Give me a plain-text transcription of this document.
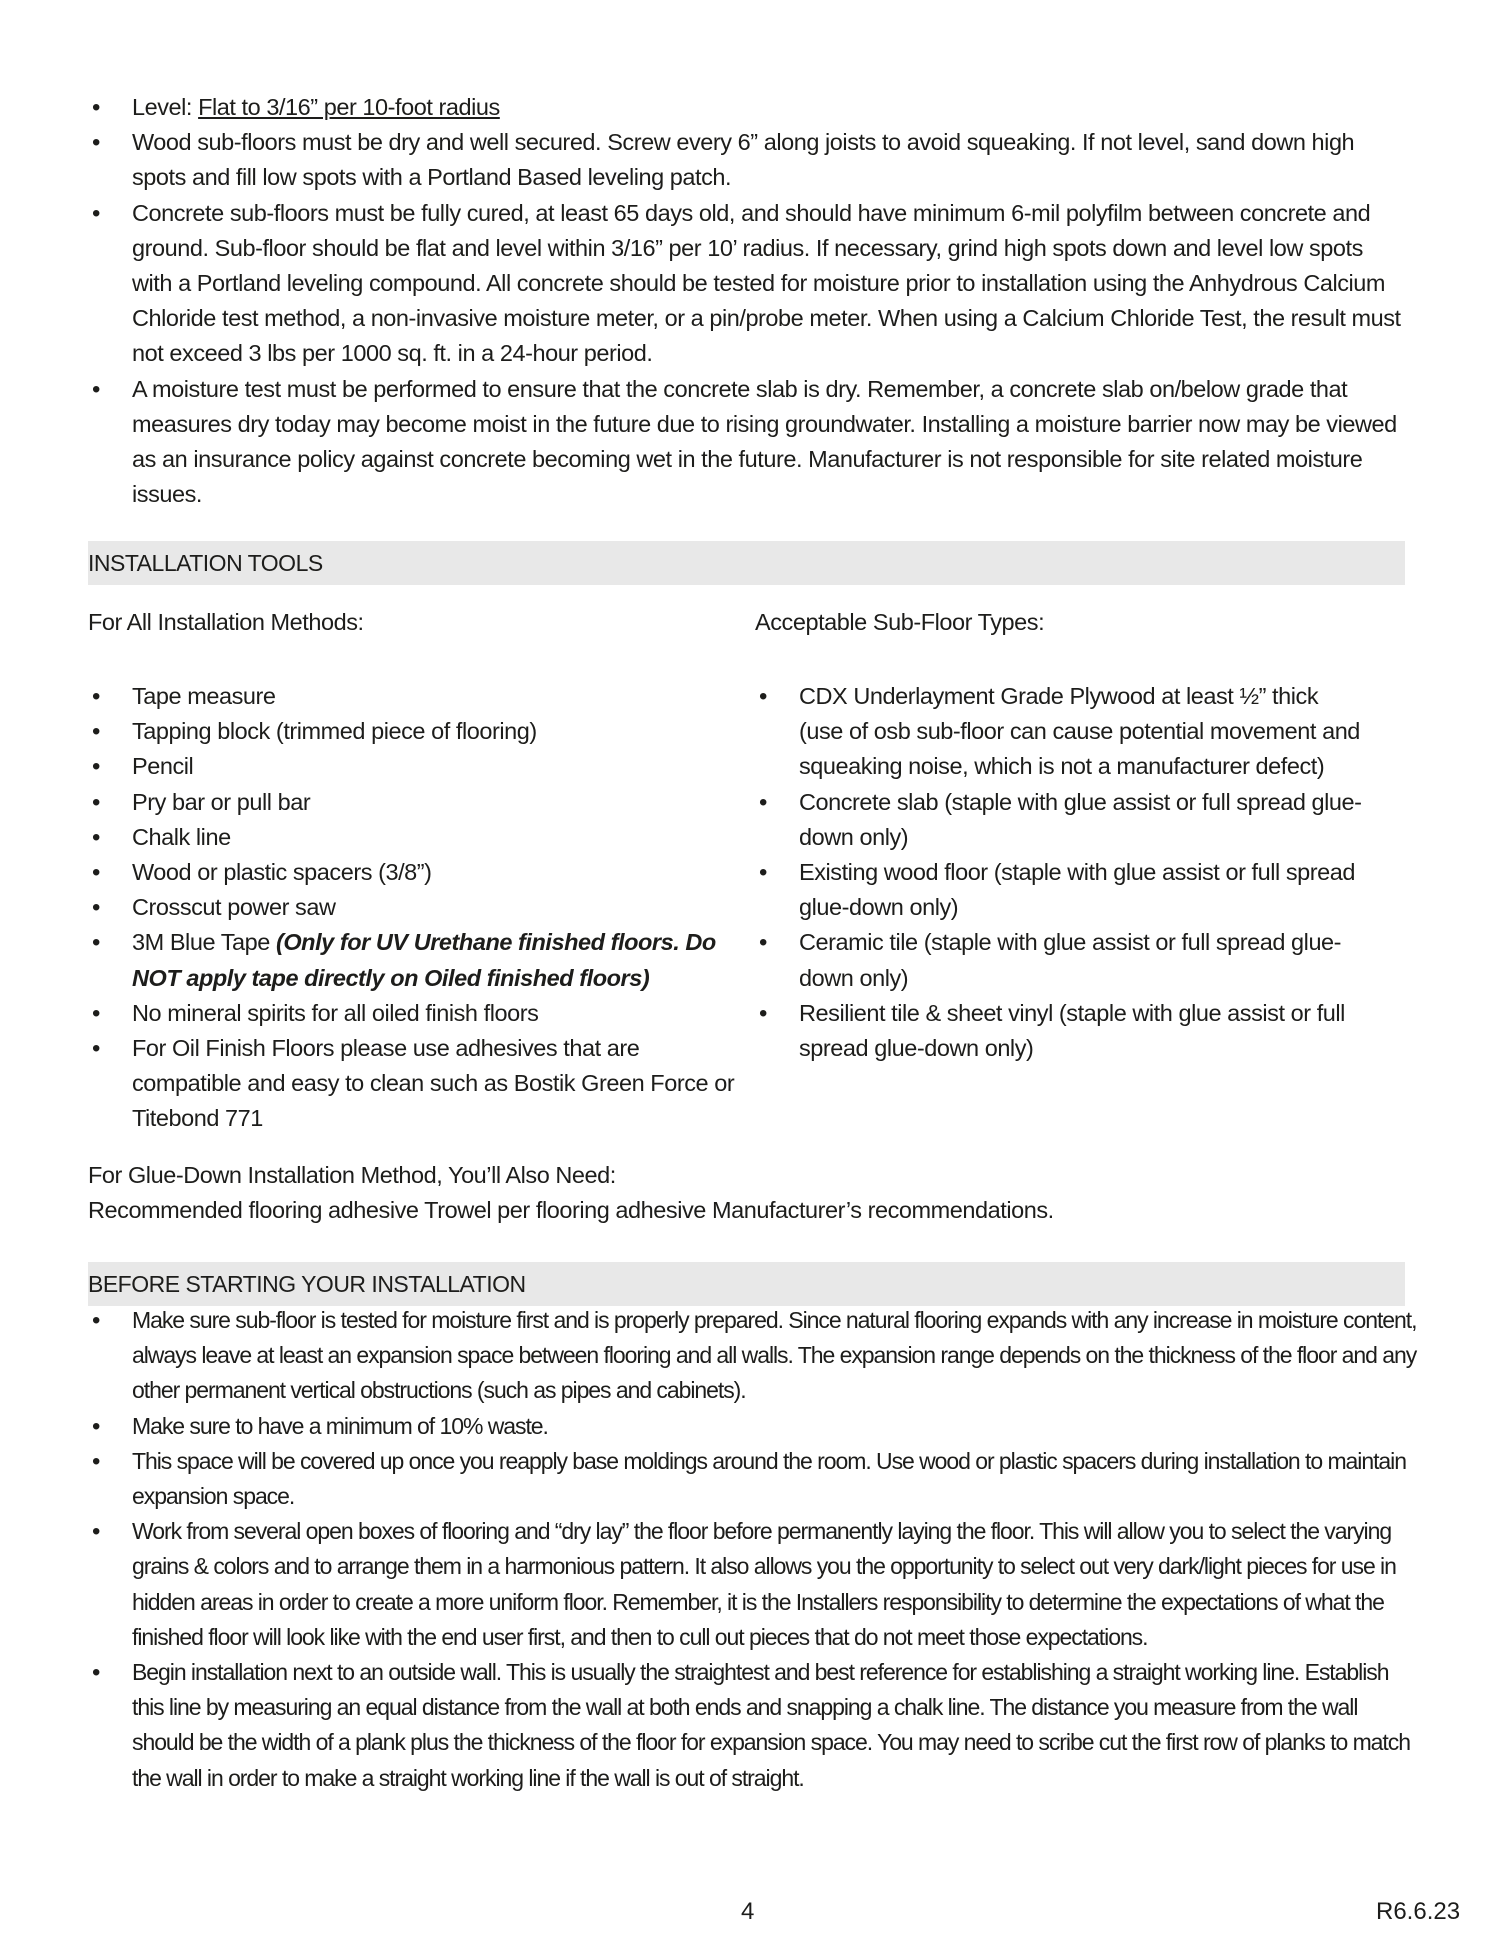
• Level: Flat to 3/16” per 10-foot radius
• Wood sub-floors must be dry and well secured. Screw every 6” along joists to avoid squeaking. If not level, sand down high spots and fill low spots with a Portland Based leveling patch.
• Concrete sub-floors must be fully cured, at least 65 days old, and should have minimum 6-mil polyfilm between concrete and ground. Sub-floor should be flat and level within 3/16” per 10’ radius. If necessary, grind high spots down and level low spots with a Portland leveling compound. All concrete should be tested for moisture prior to installation using the Anhydrous Calcium Chloride test method, a non-invasive moisture meter, or a pin/probe meter. When using a Calcium Chloride Test, the result must not exceed 3 lbs per 1000 sq. ft. in a 24-hour period.
• A moisture test must be performed to ensure that the concrete slab is dry. Remember, a concrete slab on/below grade that measures dry today may become moist in the future due to rising groundwater. Installing a moisture barrier now may be viewed as an insurance policy against concrete becoming wet in the future. Manufacturer is not responsible for site related moisture issues.
INSTALLATION TOOLS
For All Installation Methods:
• Tape measure
• Tapping block (trimmed piece of flooring)
• Pencil
• Pry bar or pull bar
• Chalk line
• Wood or plastic spacers (3/8”)
• Crosscut power saw
• 3M Blue Tape (Only for UV Urethane finished floors. Do NOT apply tape directly on Oiled finished floors)
• No mineral spirits for all oiled finish floors
• For Oil Finish Floors please use adhesives that are compatible and easy to clean such as Bostik Green Force or Titebond 771
Acceptable Sub-Floor Types:
• CDX Underlayment Grade Plywood at least ½” thick (use of osb sub-floor can cause potential movement and squeaking noise, which is not a manufacturer defect)
• Concrete slab (staple with glue assist or full spread glue-down only)
• Existing wood floor (staple with glue assist or full spread glue-down only)
• Ceramic tile (staple with glue assist or full spread glue-down only)
• Resilient tile & sheet vinyl (staple with glue assist or full spread glue-down only)
For Glue-Down Installation Method, You’ll Also Need:
Recommended flooring adhesive Trowel per flooring adhesive Manufacturer’s recommendations.
BEFORE STARTING YOUR INSTALLATION
• Make sure sub-floor is tested for moisture first and is properly prepared. Since natural flooring expands with any increase in moisture content, always leave at least an expansion space between flooring and all walls. The expansion range depends on the thickness of the floor and any other permanent vertical obstructions (such as pipes and cabinets).
• Make sure to have a minimum of 10% waste.
• This space will be covered up once you reapply base moldings around the room. Use wood or plastic spacers during installation to maintain expansion space.
• Work from several open boxes of flooring and “dry lay” the floor before permanently laying the floor. This will allow you to select the varying grains & colors and to arrange them in a harmonious pattern. It also allows you the opportunity to select out very dark/light pieces for use in hidden areas in order to create a more uniform floor. Remember, it is the Installers responsibility to determine the expectations of what the finished floor will look like with the end user first, and then to cull out pieces that do not meet those expectations.
• Begin installation next to an outside wall. This is usually the straightest and best reference for establishing a straight working line. Establish this line by measuring an equal distance from the wall at both ends and snapping a chalk line. The distance you measure from the wall should be the width of a plank plus the thickness of the floor for expansion space. You may need to scribe cut the first row of planks to match the wall in order to make a straight working line if the wall is out of straight.
4	R6.6.23
